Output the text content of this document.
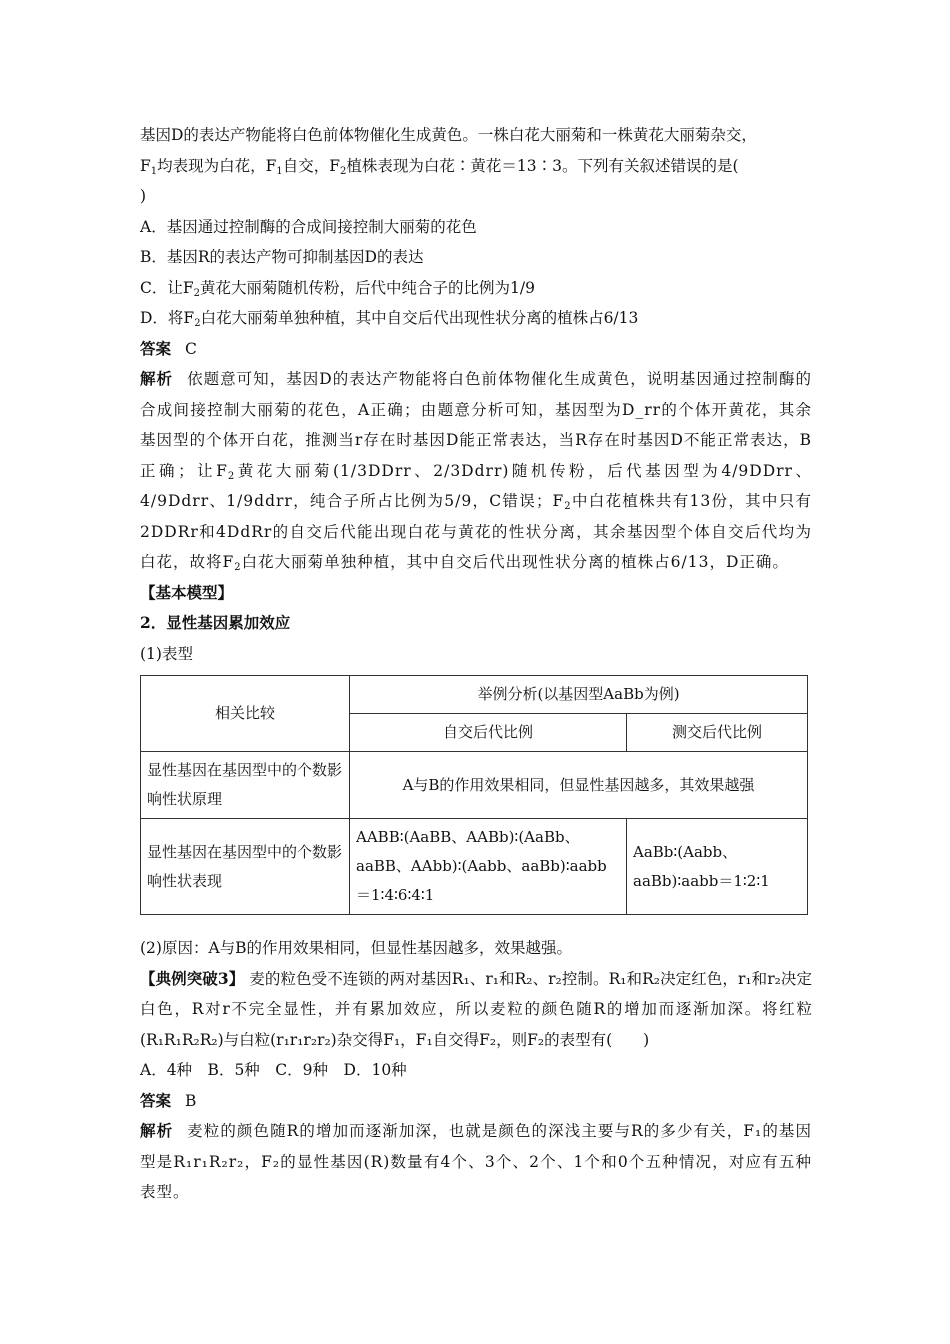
基因D的表达产物能将白色前体物催化生成黄色。一株白花大丽菊和一株黄花大丽菊杂交，
$F_1$均表现为白花，$F_1$自交，$F_2$植株表现为白花∶黄花＝13∶3。下列有关叙述错误的是(
)

A．基因通过控制酶的合成间接控制大丽菊的花色

B．基因R的表达产物可抑制基因D的表达

C．让$F_2$黄花大丽菊随机传粉，后代中纯合子的比例为1/9

D．将$F_2$白花大丽菊单独种植，其中自交后代出现性状分离的植株占6/13

答案 C

解析 依题意可知，基因D的表达产物能将白色前体物催化生成黄色，说明基因通过控制酶的合成间接控制大丽菊的花色，A正确；由题意分析可知，基因型为D_rr的个体开黄花，其余基因型的个体开白花，推测当r存在时基因D能正常表达，当R存在时基因D不能正常表达，B正确；让$F_2$黄花大丽菊(1/3DDrr、2/3Ddrr)随机传粉，后代基因型为4/9DDrr、4/9Ddrr、1/9ddrr，纯合子所占比例为5/9，C错误；$F_2$中白花植株共有13份，其中只有2DDRr和4DdRr的自交后代能出现白花与黄花的性状分离，其余基因型个体自交后代均为白花，故将$F_2$白花大丽菊单独种植，其中自交后代出现性状分离的植株占6/13，D正确。

【基本模型】

2．显性基因累加效应

(1)表型

相关比较	举例分析(以基因型AaBb为例)	
	自交后代比例	测交后代比例
显性基因在基因型中的个数影响性状原理	A与B的作用效果相同，但显性基因越多，其效果越强	
显性基因在基因型中的个数影响性状表现	AABB∶(AaBB、AABb)∶(AaBb、aaBB、AAbb)∶(Aabb、aaBb)∶aabb＝1∶4∶6∶4∶1	AaBb∶(Aabb、aaBb)∶aabb＝1∶2∶1

(2)原因：A与B的作用效果相同，但显性基因越多，效果越强。

【典例突破3】 麦的粒色受不连锁的两对基因R₁、r₁和R₂、r₂控制。R₁和R₂决定红色，r₁和r₂决定白色，R对r不完全显性，并有累加效应，所以麦粒的颜色随R的增加而逐渐加深。将红粒(R₁R₁R₂R₂)与白粒(r₁r₁r₂r₂)杂交得F₁，F₁自交得F₂，则F₂的表型有(　　)

A．4种　B．5种　C．9种　D．10种

答案 B

解析 麦粒的颜色随R的增加而逐渐加深，也就是颜色的深浅主要与R的多少有关，F₁的基因型是R₁r₁R₂r₂，F₂的显性基因(R)数量有4个、3个、2个、1个和0个五种情况，对应有五种表型。
